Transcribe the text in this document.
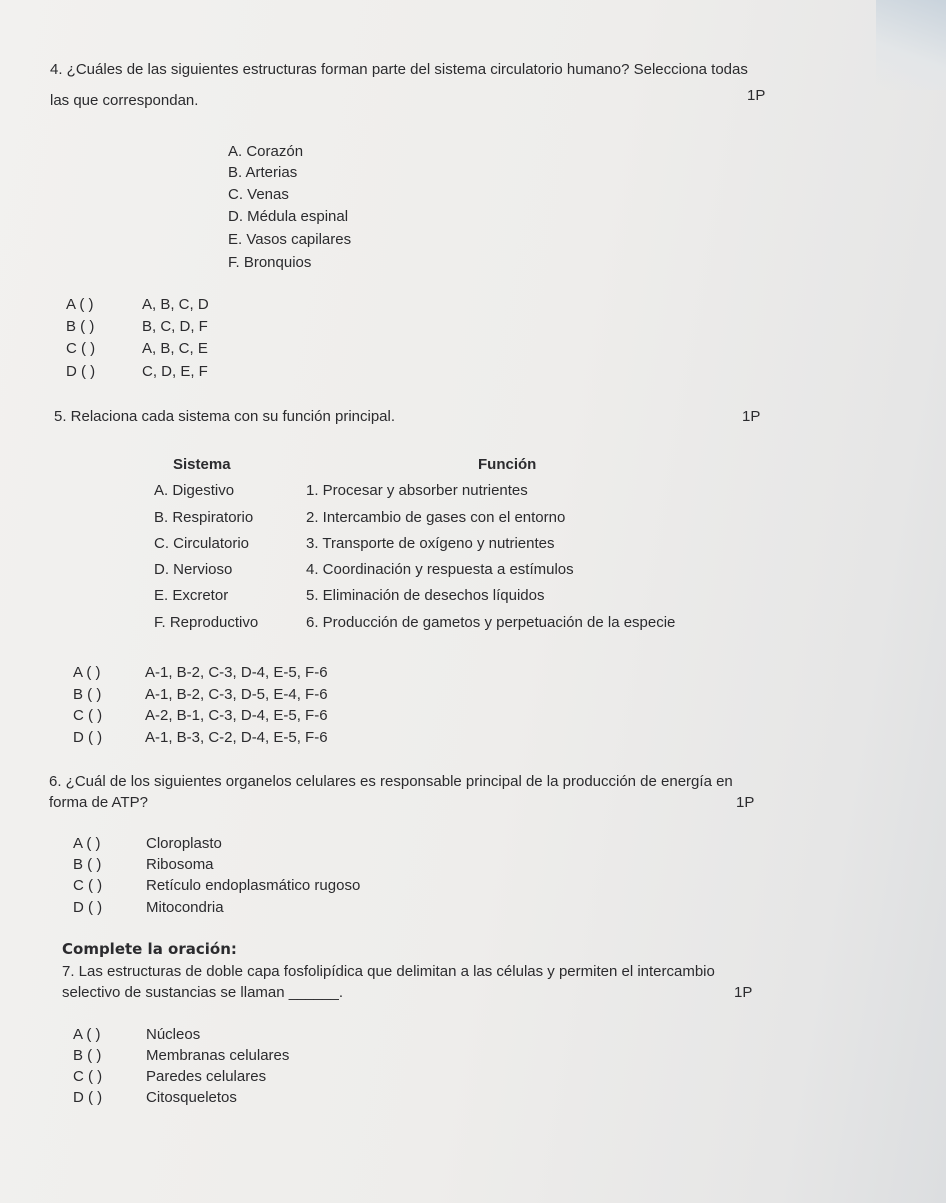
4. ¿Cuáles de las siguientes estructuras forman parte del sistema circulatorio humano? Selecciona todas
las que correspondan.	1P
A. Corazón
B. Arterias
C. Venas
D. Médula espinal
E. Vasos capilares
F. Bronquios
A ( )	A, B, C, D
B ( )	B, C, D, F
C ( )	A, B, C, E
D ( )	C, D, E, F
5. Relaciona cada sistema con su función principal.	1P
Sistema	Función
A. Digestivo	1. Procesar y absorber nutrientes
B. Respiratorio	2. Intercambio de gases con el entorno
C. Circulatorio	3. Transporte de oxígeno y nutrientes
D. Nervioso	4. Coordinación y respuesta a estímulos
E. Excretor	5. Eliminación de desechos líquidos
F. Reproductivo	6. Producción de gametos y perpetuación de la especie
A ( )	A-1, B-2, C-3, D-4, E-5, F-6
B ( )	A-1, B-2, C-3, D-5, E-4, F-6
C ( )	A-2, B-1, C-3, D-4, E-5, F-6
D ( )	A-1, B-3, C-2, D-4, E-5, F-6
6. ¿Cuál de los siguientes organelos celulares es responsable principal de la producción de energía en
forma de ATP?	1P
A ( )	Cloroplasto
B ( )	Ribosoma
C ( )	Retículo endoplasmático rugoso
D ( )	Mitocondria
Complete la oración:
7. Las estructuras de doble capa fosfolipídica que delimitan a las células y permiten el intercambio
selectivo de sustancias se llaman ______.	1P
A ( )	Núcleos
B ( )	Membranas celulares
C ( )	Paredes celulares
D ( )	Citosqueletos
